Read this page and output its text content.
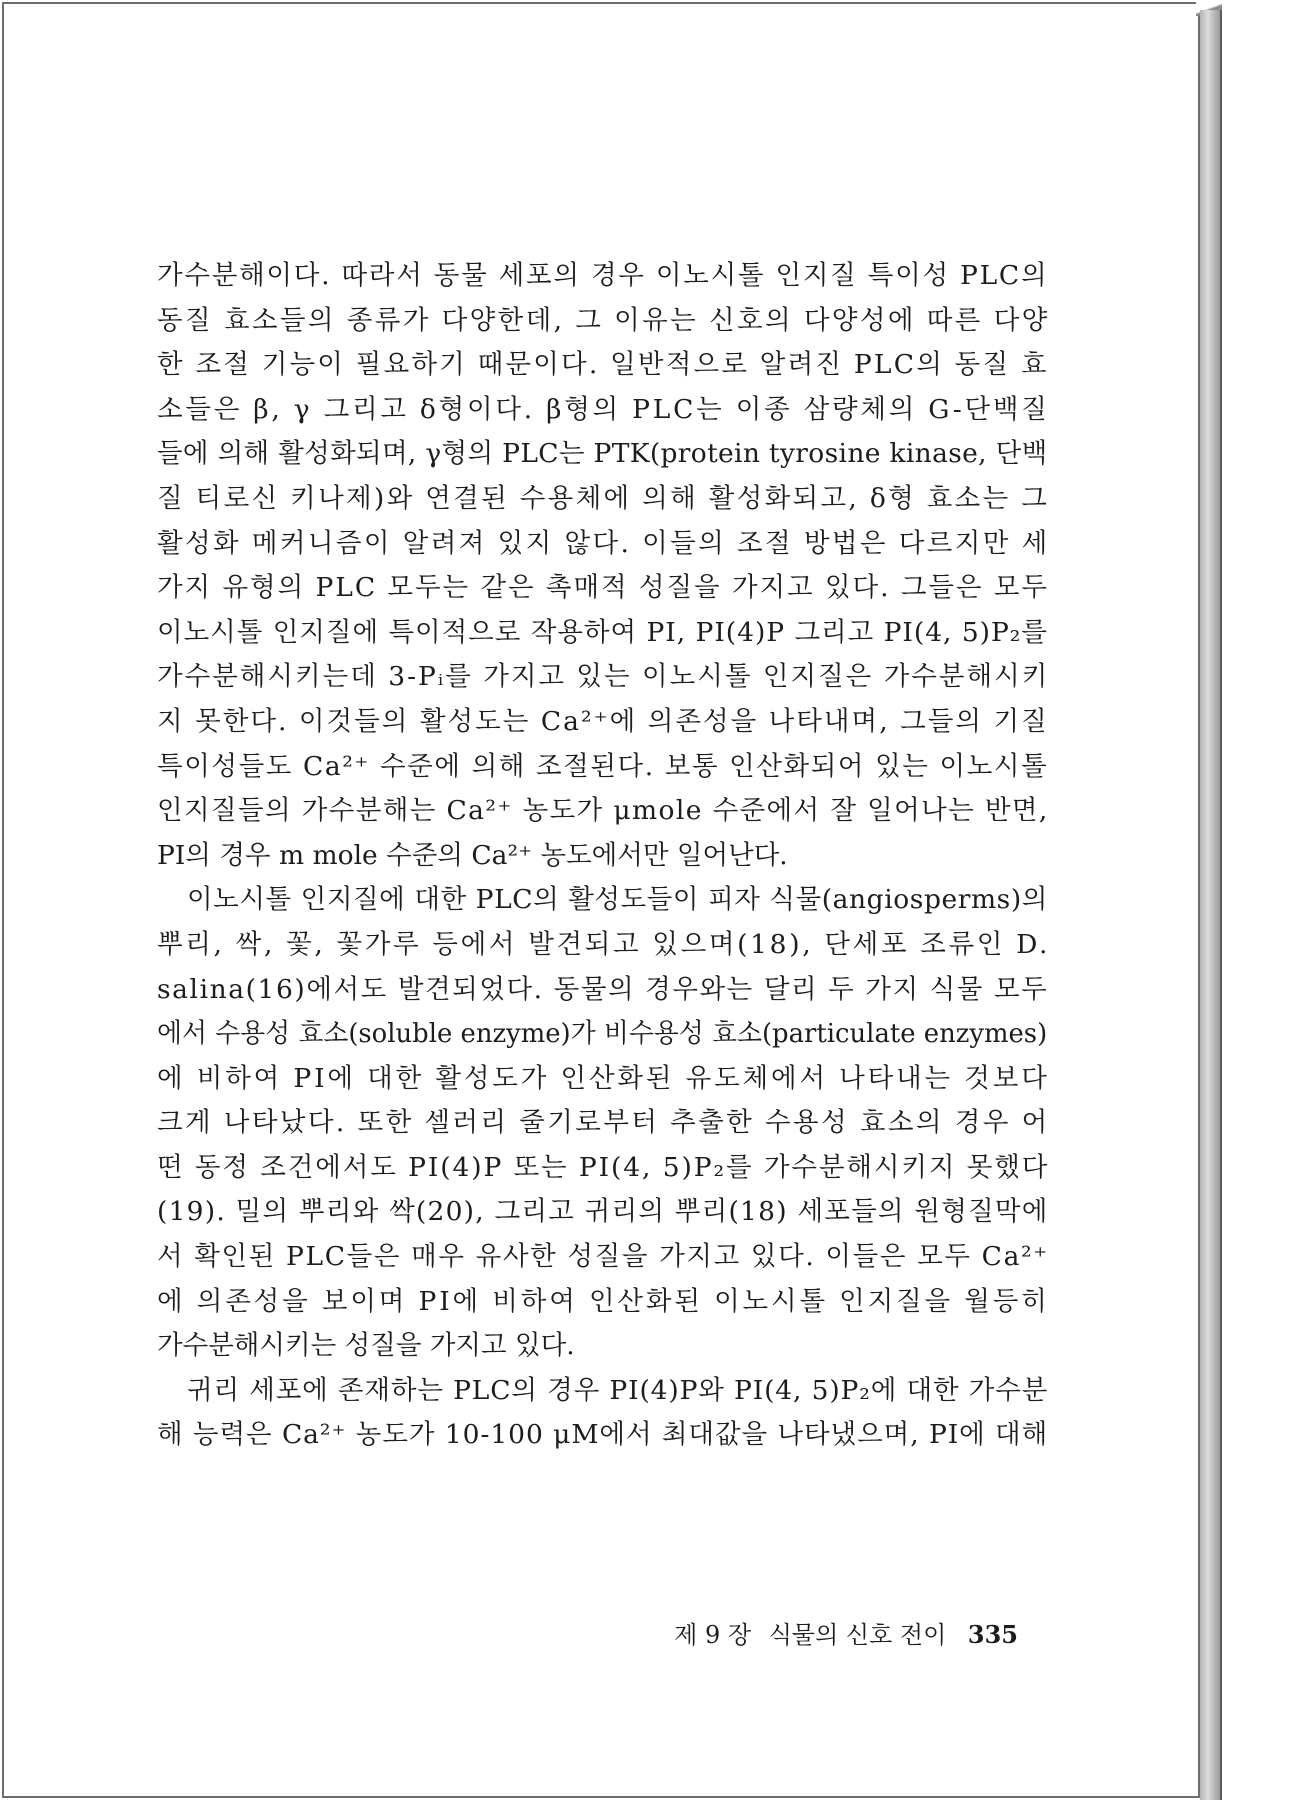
가수분해이다. 따라서 동물 세포의 경우 이노시톨 인지질 특이성 PLC의
동질 효소들의 종류가 다양한데, 그 이유는 신호의 다양성에 따른 다양
한 조절 기능이 필요하기 때문이다. 일반적으로 알려진 PLC의 동질 효
소들은 β, γ 그리고 δ형이다. β형의 PLC는 이종 삼량체의 G-단백질
들에 의해 활성화되며, γ형의 PLC는 PTK(protein tyrosine kinase, 단백
질 티로신 키나제)와 연결된 수용체에 의해 활성화되고, δ형 효소는 그
활성화 메커니즘이 알려져 있지 않다. 이들의 조절 방법은 다르지만 세
가지 유형의 PLC 모두는 같은 촉매적 성질을 가지고 있다. 그들은 모두
이노시톨 인지질에 특이적으로 작용하여 PI, PI(4)P 그리고 PI(4, 5)P₂를
가수분해시키는데 3-Pᵢ를 가지고 있는 이노시톨 인지질은 가수분해시키
지 못한다. 이것들의 활성도는 Ca²⁺에 의존성을 나타내며, 그들의 기질
특이성들도 Ca²⁺ 수준에 의해 조절된다. 보통 인산화되어 있는 이노시톨
인지질들의 가수분해는 Ca²⁺ 농도가 μmole 수준에서 잘 일어나는 반면,
PI의 경우 m mole 수준의 Ca²⁺ 농도에서만 일어난다.
이노시톨 인지질에 대한 PLC의 활성도들이 피자 식물(angiosperms)의
뿌리, 싹, 꽃, 꽃가루 등에서 발견되고 있으며(18), 단세포 조류인 D.
salina(16)에서도 발견되었다. 동물의 경우와는 달리 두 가지 식물 모두
에서 수용성 효소(soluble enzyme)가 비수용성 효소(particulate enzymes)
에 비하여 PI에 대한 활성도가 인산화된 유도체에서 나타내는 것보다
크게 나타났다. 또한 셀러리 줄기로부터 추출한 수용성 효소의 경우 어
떤 동정 조건에서도 PI(4)P 또는 PI(4, 5)P₂를 가수분해시키지 못했다
(19). 밀의 뿌리와 싹(20), 그리고 귀리의 뿌리(18) 세포들의 원형질막에
서 확인된 PLC들은 매우 유사한 성질을 가지고 있다. 이들은 모두 Ca²⁺
에 의존성을 보이며 PI에 비하여 인산화된 이노시톨 인지질을 월등히
가수분해시키는 성질을 가지고 있다.
귀리 세포에 존재하는 PLC의 경우 PI(4)P와 PI(4, 5)P₂에 대한 가수분
해 능력은 Ca²⁺ 농도가 10-100 μM에서 최대값을 나타냈으며, PI에 대해
제 9 장 식물의 신호 전이 335
